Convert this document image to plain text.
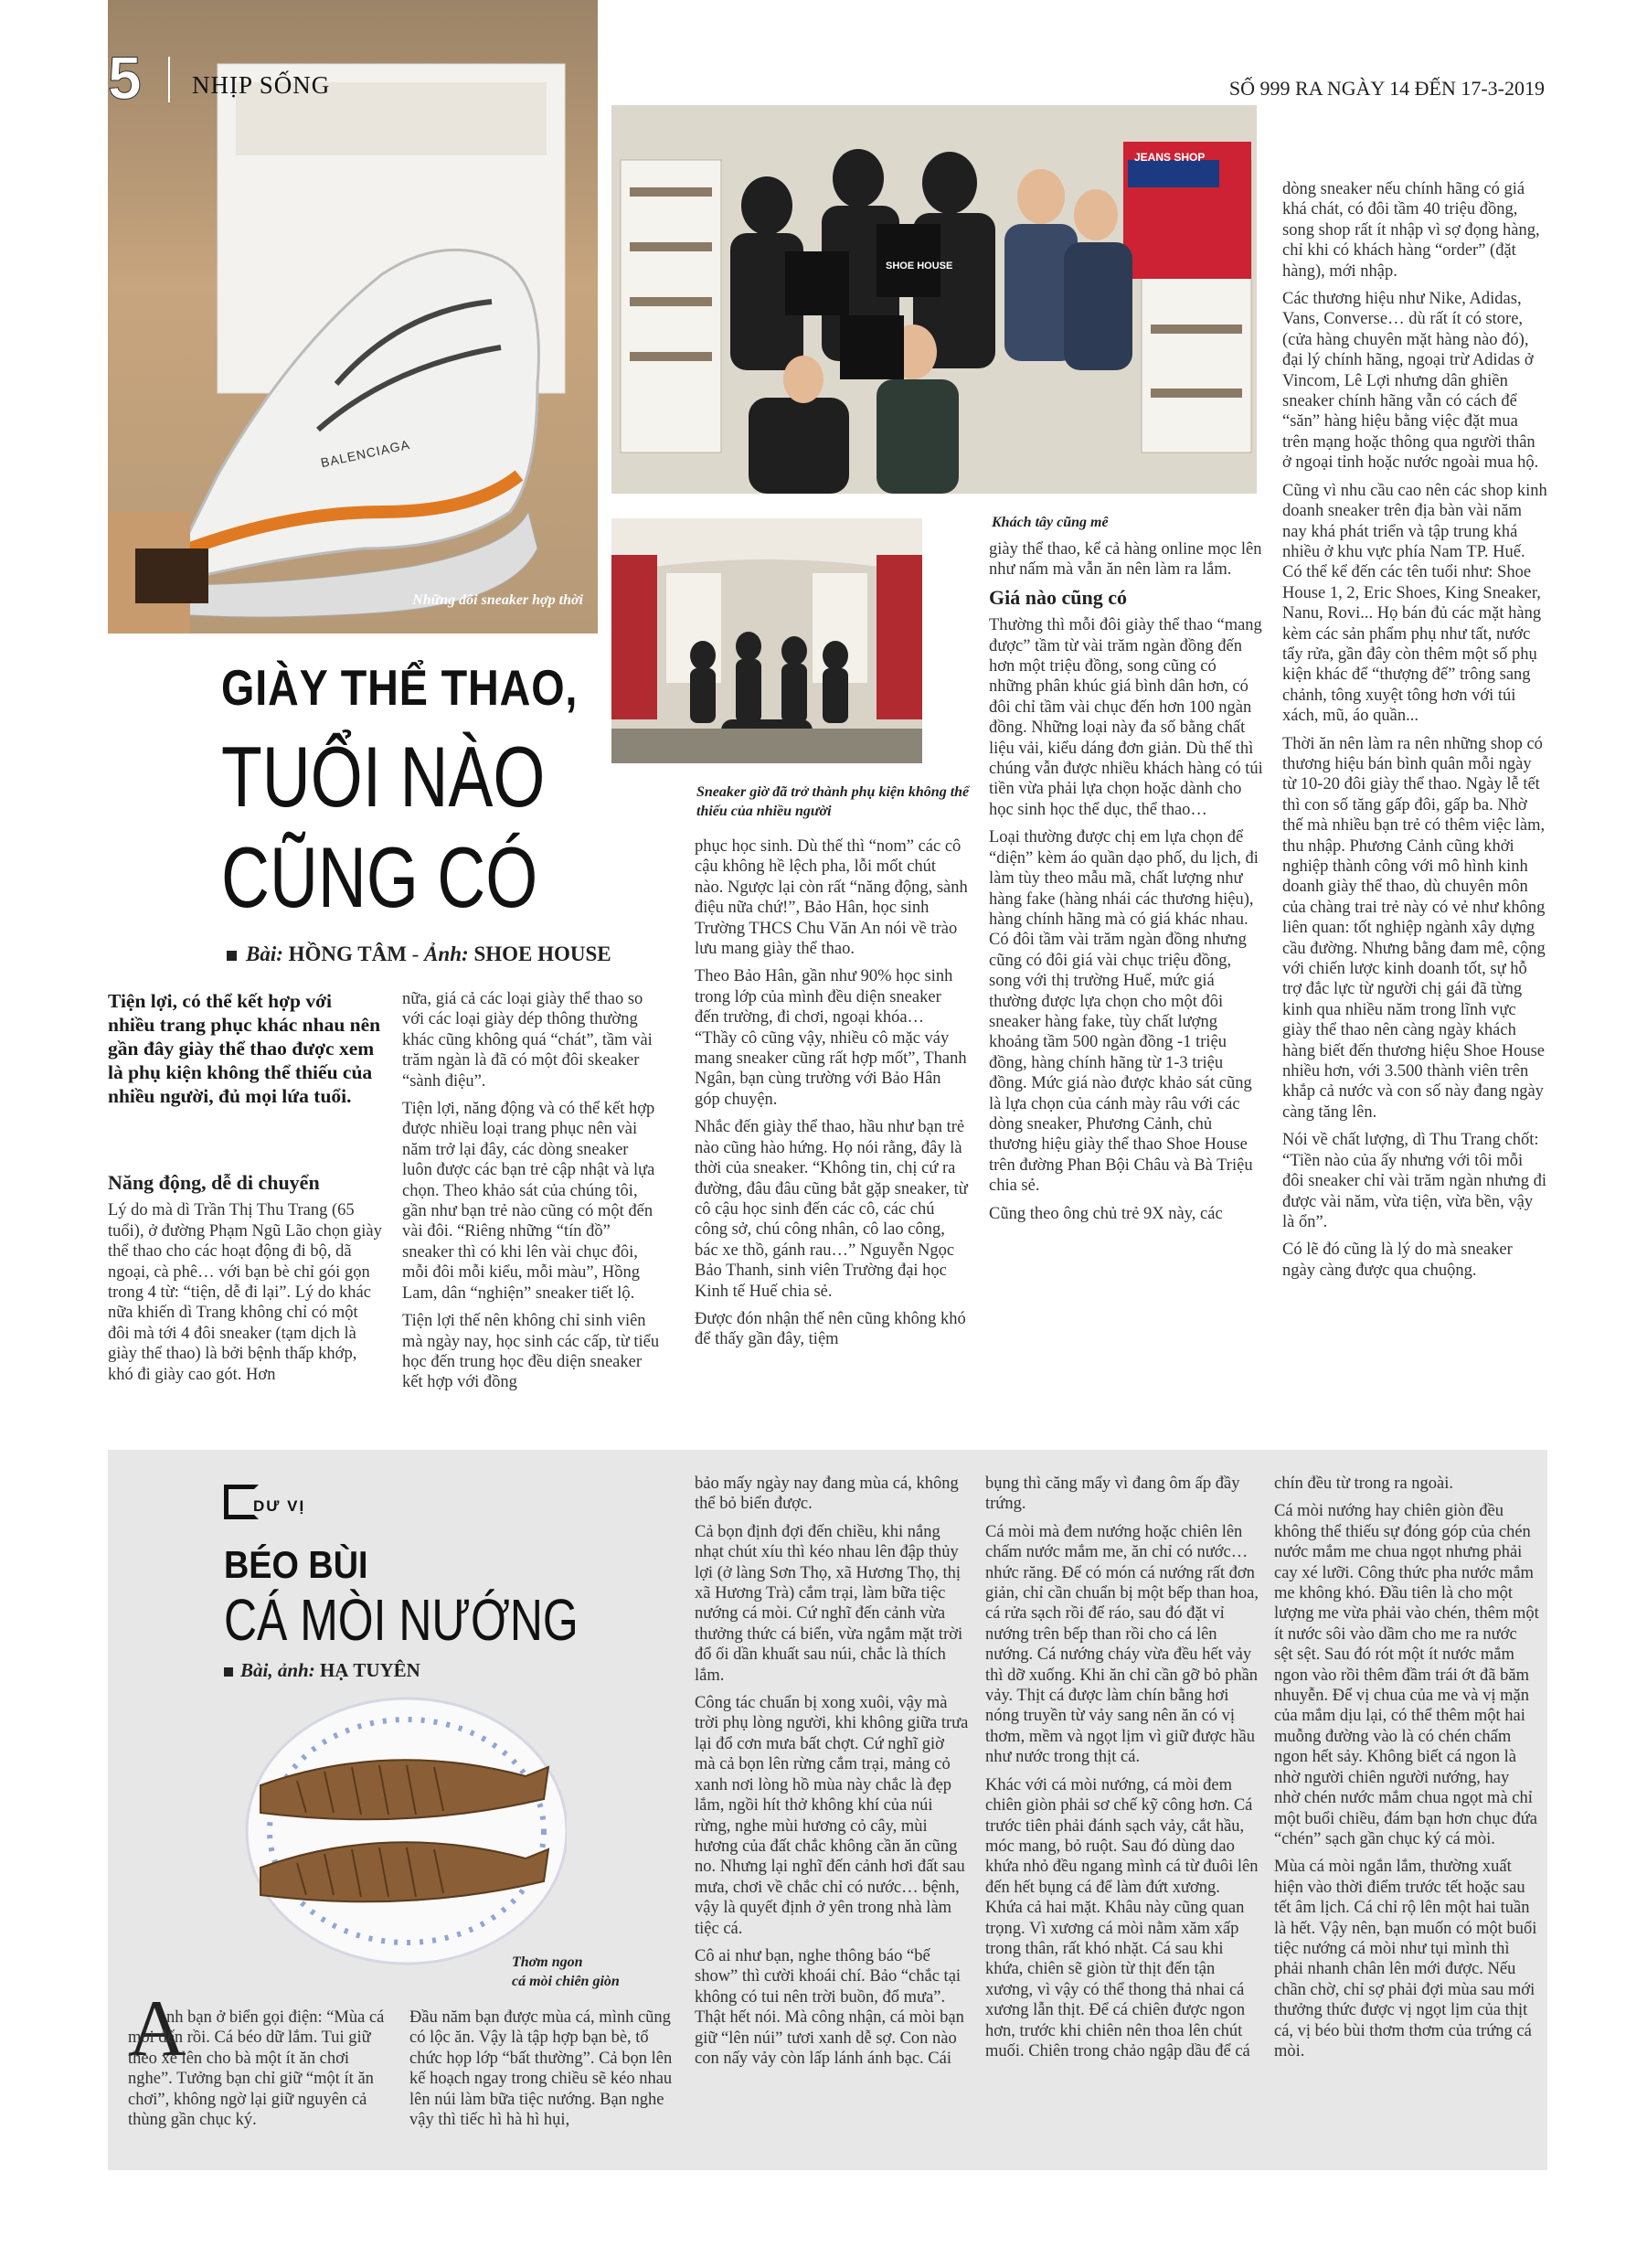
5 NHỊP SỐNG	SỐ 999 RA NGÀY 14 ĐẾN 17-3-2019
BALENCIAGA
Những đôi sneaker hợp thời
SHOE HOUSE
JEANS SHOP
Khách tây cũng mê
Sneaker giờ đã trở thành phụ kiện không thể thiếu của nhiều người
GIÀY THỂ THAO,
TUỔI NÀO
CŨNG CÓ
Bài: HỒNG TÂM - Ảnh: SHOE HOUSE
Tiện lợi, có thể kết hợp với nhiều trang phục khác nhau nên gần đây giày thể thao được xem là phụ kiện không thể thiếu của nhiều người, đủ mọi lứa tuổi.
Năng động, dễ di chuyển

Lý do mà dì Trần Thị Thu Trang (65 tuổi), ở đường Phạm Ngũ Lão chọn giày thể thao cho các hoạt động đi bộ, dã ngoại, cà phê… với bạn bè chỉ gói gọn trong 4 từ: “tiện, dễ đi lại”. Lý do khác nữa khiến dì Trang không chỉ có một đôi mà tới 4 đôi sneaker (tạm dịch là giày thể thao) là bởi bệnh thấp khớp, khó đi giày cao gót. Hơn

nữa, giá cả các loại giày thể thao so với các loại giày dép thông thường khác cũng không quá “chát”, tầm vài trăm ngàn là đã có một đôi skeaker “sành điệu”.

Tiện lợi, năng động và có thể kết hợp được nhiều loại trang phục nên vài năm trở lại đây, các dòng sneaker luôn được các bạn trẻ cập nhật và lựa chọn. Theo khảo sát của chúng tôi, gần như bạn trẻ nào cũng có một đến vài đôi. “Riêng những “tín đồ” sneaker thì có khi lên vài chục đôi, mỗi đôi mỗi kiểu, mỗi màu”, Hồng Lam, dân “nghiện” sneaker tiết lộ.

Tiện lợi thế nên không chỉ sinh viên mà ngày nay, học sinh các cấp, từ tiểu học đến trung học đều diện sneaker kết hợp với đồng

phục học sinh. Dù thế thì “nom” các cô cậu không hề lệch pha, lỗi mốt chút nào. Ngược lại còn rất “năng động, sành điệu nữa chứ!”, Bảo Hân, học sinh Trường THCS Chu Văn An nói về trào lưu mang giày thể thao.

Theo Bảo Hân, gần như 90% học sinh trong lớp của mình đều diện sneaker đến trường, đi chơi, ngoại khóa… “Thầy cô cũng vậy, nhiều cô mặc váy mang sneaker cũng rất hợp mốt”, Thanh Ngân, bạn cùng trường với Bảo Hân góp chuyện.

Nhắc đến giày thể thao, hầu như bạn trẻ nào cũng hào hứng. Họ nói rằng, đây là thời của sneaker. “Không tin, chị cứ ra đường, đâu đâu cũng bắt gặp sneaker, từ cô cậu học sinh đến các cô, các chú công sở, chú công nhân, cô lao công, bác xe thồ, gánh rau…” Nguyễn Ngọc Bảo Thanh, sinh viên Trường đại học Kinh tế Huế chia sẻ.

Được đón nhận thế nên cũng không khó để thấy gần đây, tiệm

giày thể thao, kể cả hàng online mọc lên như nấm mà vẫn ăn nên làm ra lắm.

Giá nào cũng có

Thường thì mỗi đôi giày thể thao “mang được” tầm từ vài trăm ngàn đồng đến hơn một triệu đồng, song cũng có những phân khúc giá bình dân hơn, có đôi chỉ tầm vài chục đến hơn 100 ngàn đồng. Những loại này đa số bằng chất liệu vải, kiểu dáng đơn giản. Dù thế thì chúng vẫn được nhiều khách hàng có túi tiền vừa phải lựa chọn hoặc dành cho học sinh học thể dục, thể thao…

Loại thường được chị em lựa chọn để “diện” kèm áo quần dạo phố, du lịch, đi làm tùy theo mẫu mã, chất lượng như hàng fake (hàng nhái các thương hiệu), hàng chính hãng mà có giá khác nhau. Có đôi tầm vài trăm ngàn đồng nhưng cũng có đôi giá vài chục triệu đồng, song với thị trường Huế, mức giá thường được lựa chọn cho một đôi sneaker hàng fake, tùy chất lượng khoảng tầm 500 ngàn đồng -1 triệu đồng, hàng chính hãng từ 1-3 triệu đồng. Mức giá nào được khảo sát cũng là lựa chọn của cánh mày râu với các dòng sneaker, Phương Cảnh, chủ thương hiệu giày thể thao Shoe House trên đường Phan Bội Châu và Bà Triệu chia sẻ.

Cũng theo ông chủ trẻ 9X này, các

dòng sneaker nếu chính hãng có giá khá chát, có đôi tầm 40 triệu đồng, song shop rất ít nhập vì sợ đọng hàng, chỉ khi có khách hàng “order” (đặt hàng), mới nhập.

Các thương hiệu như Nike, Adidas, Vans, Converse… dù rất ít có store, (cửa hàng chuyên mặt hàng nào đó), đại lý chính hãng, ngoại trừ Adidas ở Vincom, Lê Lợi nhưng dân ghiền sneaker chính hãng vẫn có cách để “săn” hàng hiệu bằng việc đặt mua trên mạng hoặc thông qua người thân ở ngoại tỉnh hoặc nước ngoài mua hộ.

Cũng vì nhu cầu cao nên các shop kinh doanh sneaker trên địa bàn vài năm nay khá phát triển và tập trung khá nhiều ở khu vực phía Nam TP. Huế. Có thể kể đến các tên tuổi như: Shoe House 1, 2, Eric Shoes, King Sneaker, Nanu, Rovi... Họ bán đủ các mặt hàng kèm các sản phẩm phụ như tất, nước tẩy rửa, gần đây còn thêm một số phụ kiện khác để “thượng đế” trông sang chảnh, tông xuyệt tông hơn với túi xách, mũ, áo quần...

Thời ăn nên làm ra nên những shop có thương hiệu bán bình quân mỗi ngày từ 10-20 đôi giày thể thao. Ngày lễ tết thì con số tăng gấp đôi, gấp ba. Nhờ thế mà nhiều bạn trẻ có thêm việc làm, thu nhập. Phương Cảnh cũng khởi nghiệp thành công với mô hình kinh doanh giày thể thao, dù chuyên môn của chàng trai trẻ này có vẻ như không liên quan: tốt nghiệp ngành xây dựng cầu đường. Nhưng bằng đam mê, cộng với chiến lược kinh doanh tốt, sự hỗ trợ đắc lực từ người chị gái đã từng kinh qua nhiều năm trong lĩnh vực giày thể thao nên càng ngày khách hàng biết đến thương hiệu Shoe House nhiều hơn, với 3.500 thành viên trên khắp cả nước và con số này đang ngày càng tăng lên.

Nói về chất lượng, dì Thu Trang chốt: “Tiền nào của ấy nhưng với tôi mỗi đôi sneaker chỉ vài trăm ngàn nhưng đi được vài năm, vừa tiện, vừa bền, vậy là ổn”.

Có lẽ đó cũng là lý do mà sneaker ngày càng được qua chuộng.

DƯ VỊ
BÉO BÙI
CÁ MÒI NƯỚNG
Bài, ảnh: HẠ TUYÊN
Thơm ngon
cá mòi chiên giòn
A

nh bạn ở biển gọi điện: “Mùa cá mòi đến rồi. Cá béo dữ lắm. Tui giữ theo xe lên cho bà một ít ăn chơi nghe”. Tưởng bạn chỉ giữ “một ít ăn chơi”, không ngờ lại giữ nguyên cả thùng gần chục ký.

Đầu năm bạn được mùa cá, mình cũng có lộc ăn. Vậy là tập hợp bạn bè, tổ chức họp lớp “bất thường”. Cả bọn lên kế hoạch ngay trong chiều sẽ kéo nhau lên núi làm bữa tiệc nướng. Bạn nghe vậy thì tiếc hì hà hì hụi,

bảo mấy ngày nay đang mùa cá, không thể bỏ biển được.

Cả bọn định đợi đến chiều, khi nắng nhạt chút xíu thì kéo nhau lên đập thủy lợi (ở làng Sơn Thọ, xã Hương Thọ, thị xã Hương Trà) cắm trại, làm bữa tiệc nướng cá mòi. Cứ nghĩ đến cảnh vừa thưởng thức cá biển, vừa ngắm mặt trời đổ ối dần khuất sau núi, chắc là thích lắm.

Công tác chuẩn bị xong xuôi, vậy mà trời phụ lòng người, khi không giữa trưa lại đổ cơn mưa bất chợt. Cứ nghĩ giờ mà cả bọn lên rừng cắm trại, mảng cỏ xanh nơi lòng hồ mùa này chắc là đẹp lắm, ngồi hít thở không khí của núi rừng, nghe mùi hương cỏ cây, mùi hương của đất chắc không cần ăn cũng no. Nhưng lại nghĩ đến cảnh hơi đất sau mưa, chơi về chắc chỉ có nước… bệnh, vậy là quyết định ở yên trong nhà làm tiệc cá.

Cô ai như bạn, nghe thông báo “bế show” thì cười khoái chí. Bảo “chắc tại không có tui nên trời buồn, đổ mưa”. Thật hết nói. Mà công nhận, cá mòi bạn giữ “lên núi” tươi xanh dễ sợ. Con nào con nấy vảy còn lấp lánh ánh bạc. Cái

bụng thì căng mẩy vì đang ôm ấp đầy trứng.

Cá mòi mà đem nướng hoặc chiên lên chấm nước mắm me, ăn chỉ có nước… nhức răng. Để có món cá nướng rất đơn giản, chỉ cần chuẩn bị một bếp than hoa, cá rửa sạch rồi để ráo, sau đó đặt vỉ nướng trên bếp than rồi cho cá lên nướng. Cá nướng cháy vừa đều hết vảy thì dỡ xuống. Khi ăn chỉ cần gỡ bỏ phần vảy. Thịt cá được làm chín bằng hơi nóng truyền từ vảy sang nên ăn có vị thơm, mềm và ngọt lịm vì giữ được hầu như nước trong thịt cá.

Khác với cá mòi nướng, cá mòi đem chiên giòn phải sơ chế kỹ công hơn. Cá trước tiên phải đánh sạch vảy, cắt hầu, móc mang, bỏ ruột. Sau đó dùng dao khứa nhỏ đều ngang mình cá từ đuôi lên đến hết bụng cá để làm đứt xương. Khứa cả hai mặt. Khâu này cũng quan trọng. Vì xương cá mòi nằm xăm xấp trong thân, rất khó nhặt. Cá sau khi khứa, chiên sẽ giòn từ thịt đến tận xương, vì vậy có thể thong thả nhai cá xương lẫn thịt. Để cá chiên được ngon hơn, trước khi chiên nên thoa lên chút muối. Chiên trong chảo ngập dầu để cá

chín đều từ trong ra ngoài.

Cá mòi nướng hay chiên giòn đều không thể thiếu sự đóng góp của chén nước mắm me chua ngọt nhưng phải cay xé lưỡi. Công thức pha nước mắm me không khó. Đầu tiên là cho một lượng me vừa phải vào chén, thêm một ít nước sôi vào dầm cho me ra nước sệt sệt. Sau đó rót một ít nước mắm ngon vào rồi thêm đầm trái ớt đã băm nhuyễn. Để vị chua của me và vị mặn của mắm dịu lại, có thể thêm một hai muỗng đường vào là có chén chấm ngon hết sảy. Không biết cá ngon là nhờ người chiên người nướng, hay nhờ chén nước mắm chua ngọt mà chỉ một buổi chiều, đám bạn hơn chục đứa “chén” sạch gần chục ký cá mòi.

Mùa cá mòi ngắn lắm, thường xuất hiện vào thời điểm trước tết hoặc sau tết âm lịch. Cá chỉ rộ lên một hai tuần là hết. Vậy nên, bạn muốn có một buổi tiệc nướng cá mòi như tụi mình thì phải nhanh chân lên mới được. Nếu chần chờ, chỉ sợ phải đợi mùa sau mới thưởng thức được vị ngọt lịm của thịt cá, vị béo bùi thơm thơm của trứng cá mòi.
